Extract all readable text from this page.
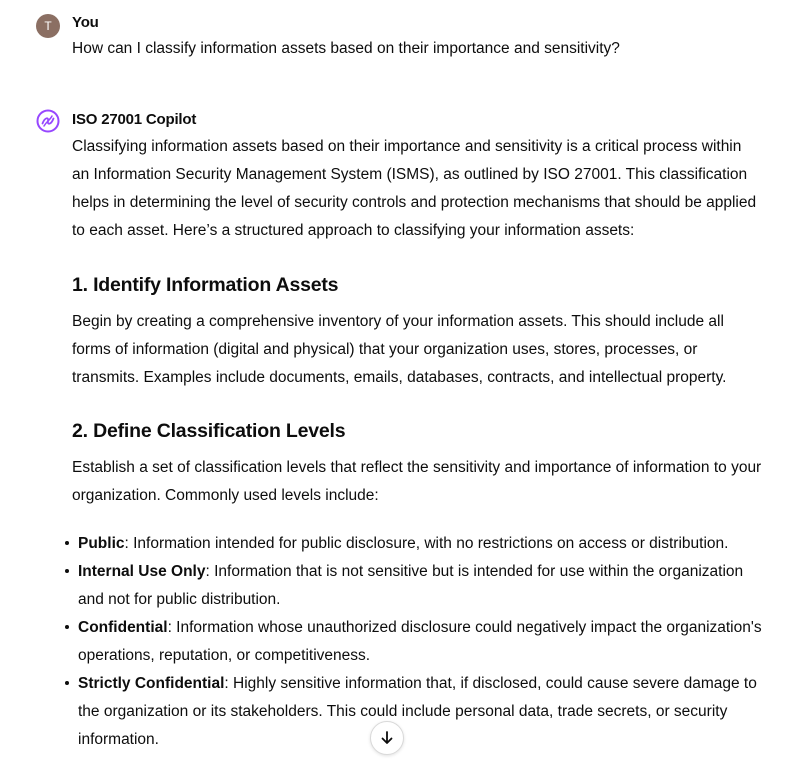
T	You
How can I classify information assets based on their importance and sensitivity?
ISO 27001 Copilot

Classifying information assets based on their importance and sensitivity is a critical process within an Information Security Management System (ISMS), as outlined by ISO 27001. This classification helps in determining the level of security controls and protection mechanisms that should be applied to each asset. Here’s a structured approach to classifying your information assets:

1. Identify Information Assets

Begin by creating a comprehensive inventory of your information assets. This should include all forms of information (digital and physical) that your organization uses, stores, processes, or transmits. Examples include documents, emails, databases, contracts, and intellectual property.

2. Define Classification Levels

Establish a set of classification levels that reflect the sensitivity and importance of information to your organization. Commonly used levels include:

Public: Information intended for public disclosure, with no restrictions on access or distribution.
Internal Use Only: Information that is not sensitive but is intended for use within the organization and not for public distribution.
Confidential: Information whose unauthorized disclosure could negatively impact the organization's operations, reputation, or competitiveness.
Strictly Confidential: Highly sensitive information that, if disclosed, could cause severe damage to the organization or its stakeholders. This could include personal data, trade secrets, or security information.
